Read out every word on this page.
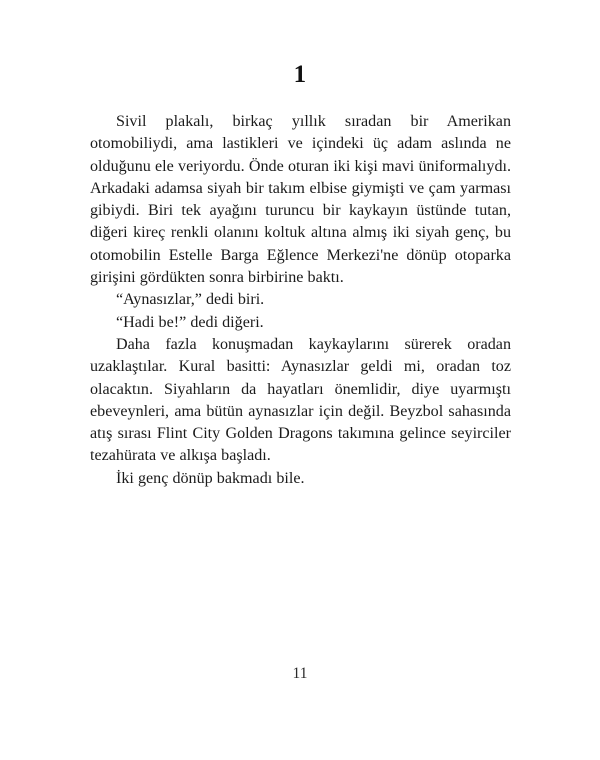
1

Sivil plakalı, birkaç yıllık sıradan bir Amerikan otomobiliydi, ama lastikleri ve içindeki üç adam aslında ne olduğunu ele veriyordu. Önde oturan iki kişi mavi üniformalıydı. Arkadaki adamsa siyah bir takım elbise giymişti ve çam yarması gibiydi. Biri tek ayağını turuncu bir kaykayın üstünde tutan, diğeri kireç renkli olanını koltuk altına almış iki siyah genç, bu otomobilin Estelle Barga Eğlence Merkezi'ne dönüp otoparka girişini gördükten sonra birbirine baktı.

“Aynasızlar,” dedi biri.

“Hadi be!” dedi diğeri.

Daha fazla konuşmadan kaykaylarını sürerek oradan uzaklaştılar. Kural basitti: Aynasızlar geldi mi, oradan toz olacaktın. Siyahların da hayatları önemlidir, diye uyarmıştı ebeveynleri, ama bütün aynasızlar için değil. Beyzbol sahasında atış sırası Flint City Golden Dragons takımına gelince seyirciler tezahürata ve alkışa başladı.

İki genç dönüp bakmadı bile.

11
